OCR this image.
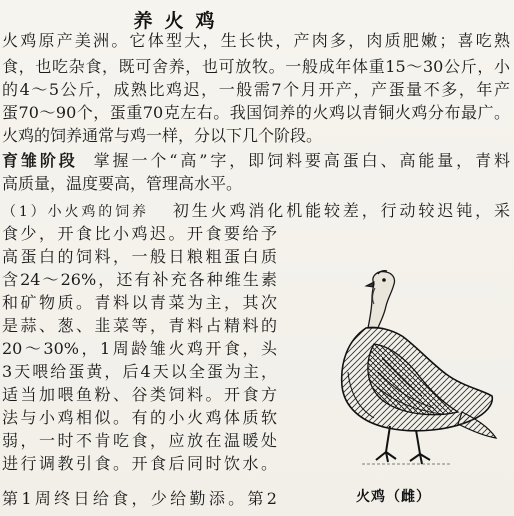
养火鸡
火鸡原产美洲。它体型大，生长快，产肉多，肉质肥嫩；喜吃熟
食，也吃杂食，既可舍养，也可放牧。一般成年体重15～30公斤，小
的4～5公斤，成熟比鸡迟，一般需7个月开产，产蛋量不多，年产
蛋70～90个，蛋重70克左右。我国饲养的火鸡以青铜火鸡分布最广。
火鸡的饲养通常与鸡一样，分以下几个阶段。
育雏阶段 掌握一个“高”字，即饲料要高蛋白、高能量，青料
高质量，温度要高，管理高水平。
（1）小火鸡的饲养 初生火鸡消化机能较差，行动较迟钝，采
食少，开食比小鸡迟。开食要给予
高蛋白的饲料，一般日粮粗蛋白质
含24～26%，还有补充各种维生素
和矿物质。青料以青菜为主，其次
是蒜、葱、韭菜等，青料占精料的
20～30%，1周龄雏火鸡开食，头
3天喂给蛋黄，后4天以全蛋为主，
适当加喂鱼粉、谷类饲料。开食方
法与小鸡相似。有的小火鸡体质软
弱，一时不肯吃食，应放在温暖处
进行调教引食。开食后同时饮水。
第1周终日给食，少给勤添。第2	火鸡（雌）
